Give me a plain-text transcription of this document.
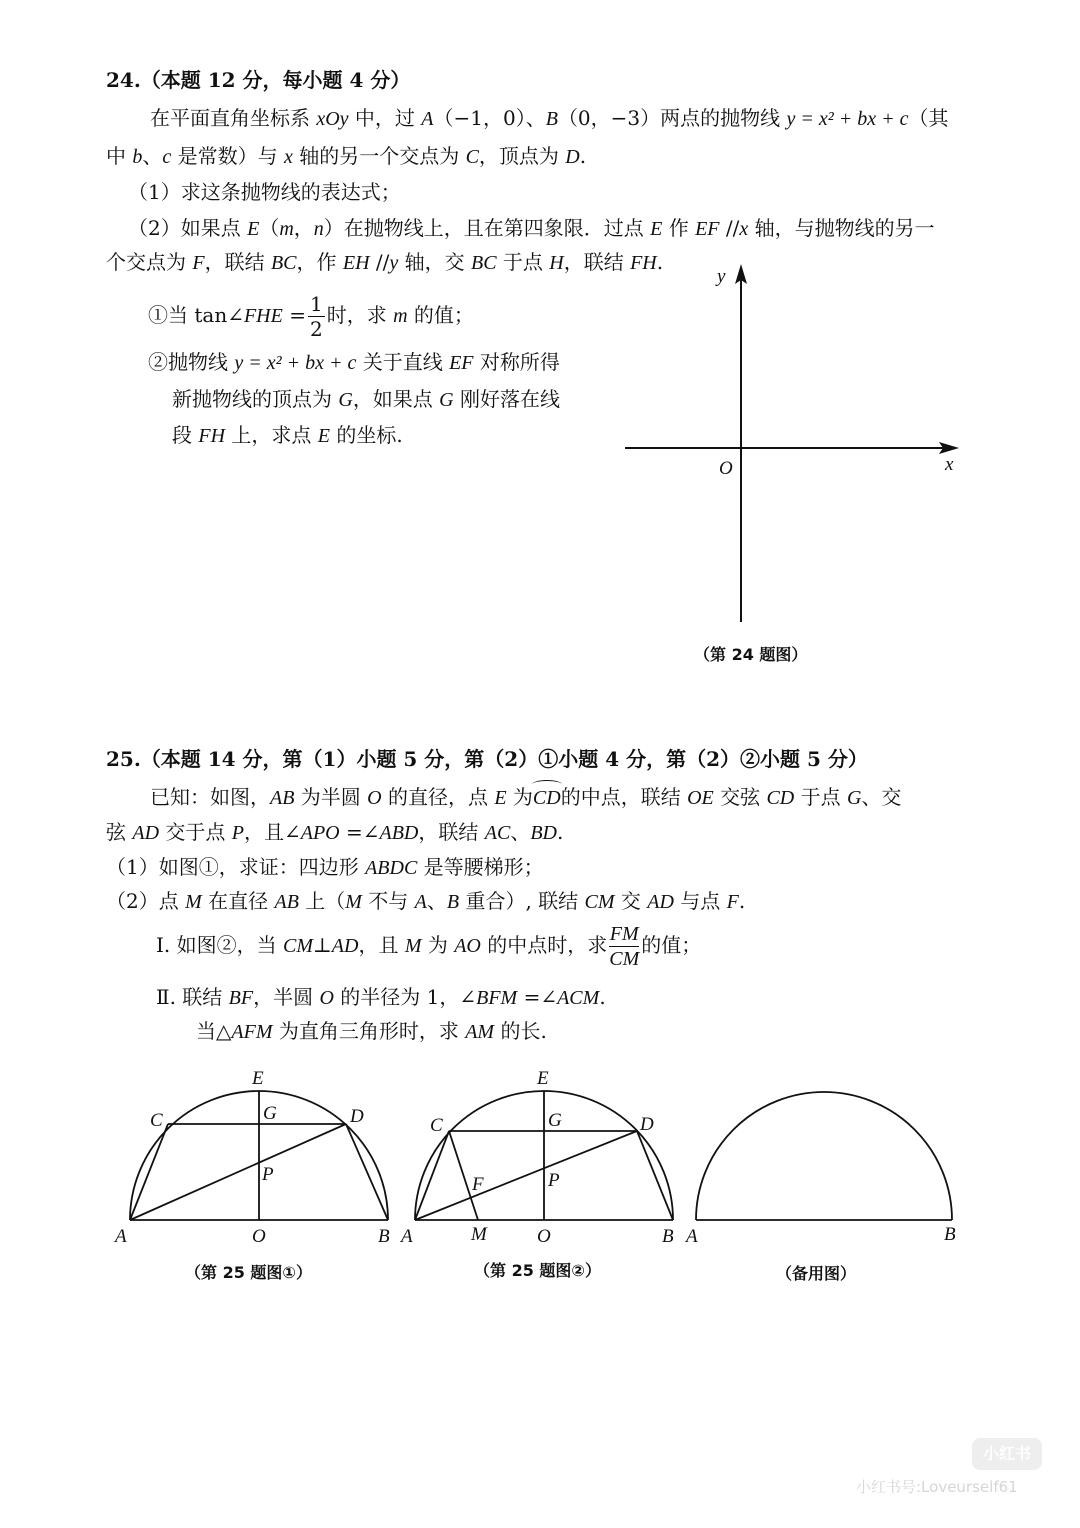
24.（本题 12 分，每小题 4 分）
在平面直角坐标系 xOy 中，过 A（−1，0）、B（0，−3）两点的抛物线 y = x² + bx + c（其
中 b、c 是常数）与 x 轴的另一个交点为 C，顶点为 D.
（1）求这条抛物线的表达式；
（2）如果点 E（m，n）在抛物线上，且在第四象限．过点 E 作 EF //x 轴，与抛物线的另一
个交点为 F，联结 BC，作 EH //y 轴，交 BC 于点 H，联结 FH.
①当 tan∠FHE = $\frac{1}{2}$ 时，求 m 的值；
②抛物线 y = x² + bx + c 关于直线 EF 对称所得
新抛物线的顶点为 G，如果点 G 刚好落在线
段 FH 上，求点 E 的坐标.
y
x
O
（第 24 题图）
25.（本题 14 分，第（1）小题 5 分，第（2）①小题 4 分，第（2）②小题 5 分）
已知：如图，AB 为半圆 O 的直径，点 E 为
CD的中点，联结 OE 交弦 CD 于点 G、交
弦 AD 交于点 P，且∠APO =∠ABD，联结 AC、BD.
（1）如图①，求证：四边形 ABDC 是等腰梯形；
（2）点 M 在直径 AB 上（M 不与 A、B 重合）, 联结 CM 交 AD 与点 F.
Ⅰ. 如图②，当 CM⊥AD，且 M 为 AO 的中点时，求 $\frac{FM}{CM}$ 的值；
Ⅱ. 联结 BF，半圆 O 的半径为 1，∠BFM =∠ACM.
当△AFM 为直角三角形时，求 AM 的长.
E
C	G	D
P
A	O	B
E
C	G	D
F	P
A	M	O	B A	B
（第 25 题图①）	（第 25 题图②）	（备用图）
小红书
小红书号:Loveurself61
